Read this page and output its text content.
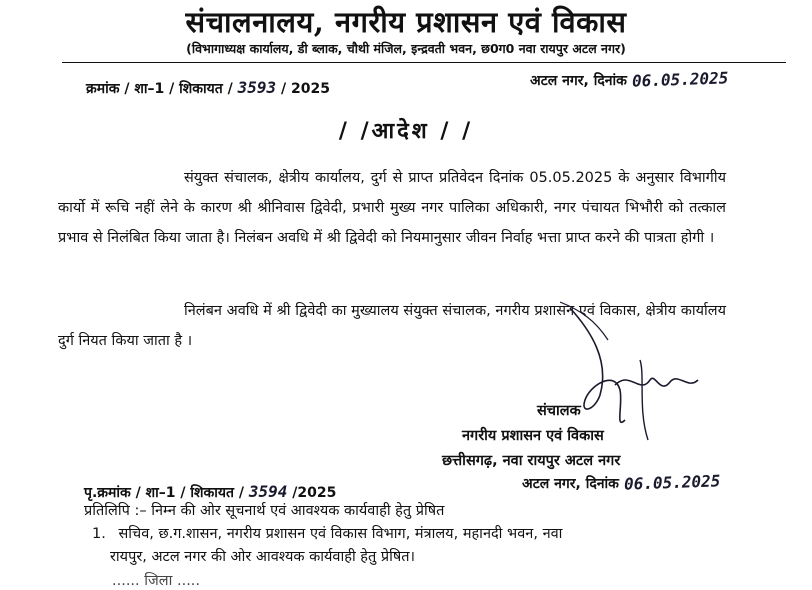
संचालनालय, नगरीय प्रशासन एवं विकास
(विभागाध्यक्ष कार्यालय, डी ब्लाक, चौथी मंजिल, इन्द्रवती भवन, छ0ग0 नवा रायपुर अटल नगर)
क्रमांक / शा–1 / शिकायत / 3593 / 2025	अटल नगर, दिनांक 06.05.2025
/ /आदेश / /
संयुक्त संचालक, क्षेत्रीय कार्यालय, दुर्ग से प्राप्त प्रतिवेदन दिनांक 05.05.2025 के अनुसार विभागीय कार्यो में रूचि नहीं लेने के कारण श्री श्रीनिवास द्विवेदी, प्रभारी मुख्य नगर पालिका अधिकारी, नगर पंचायत भिभौरी को तत्काल प्रभाव से निलंबित किया जाता है। निलंबन अवधि में श्री द्विवेदी को नियमानुसार जीवन निर्वाह भत्ता प्राप्त करने की पात्रता होगी ।
निलंबन अवधि में श्री द्विवेदी का मुख्यालय संयुक्त संचालक, नगरीय प्रशासन एवं विकास, क्षेत्रीय कार्यालय दुर्ग नियत किया जाता है ।
संचालक
नगरीय प्रशासन एवं विकास
छत्तीसगढ़, नवा रायपुर अटल नगर
पृ.क्रमांक / शा–1 / शिकायत / 3594 /2025
अटल नगर, दिनांक 06.05.2025
प्रतिलिपि :– निम्न की ओर सूचनार्थ एवं आवश्यक कार्यवाही हेतु प्रेषित
1. सचिव, छ.ग.शासन, नगरीय प्रशासन एवं विकास विभाग, मंत्रालय, महानदी भवन, नवा
रायपुर, अटल नगर की ओर आवश्यक कार्यवाही हेतु प्रेषित।
...... जिला .....
